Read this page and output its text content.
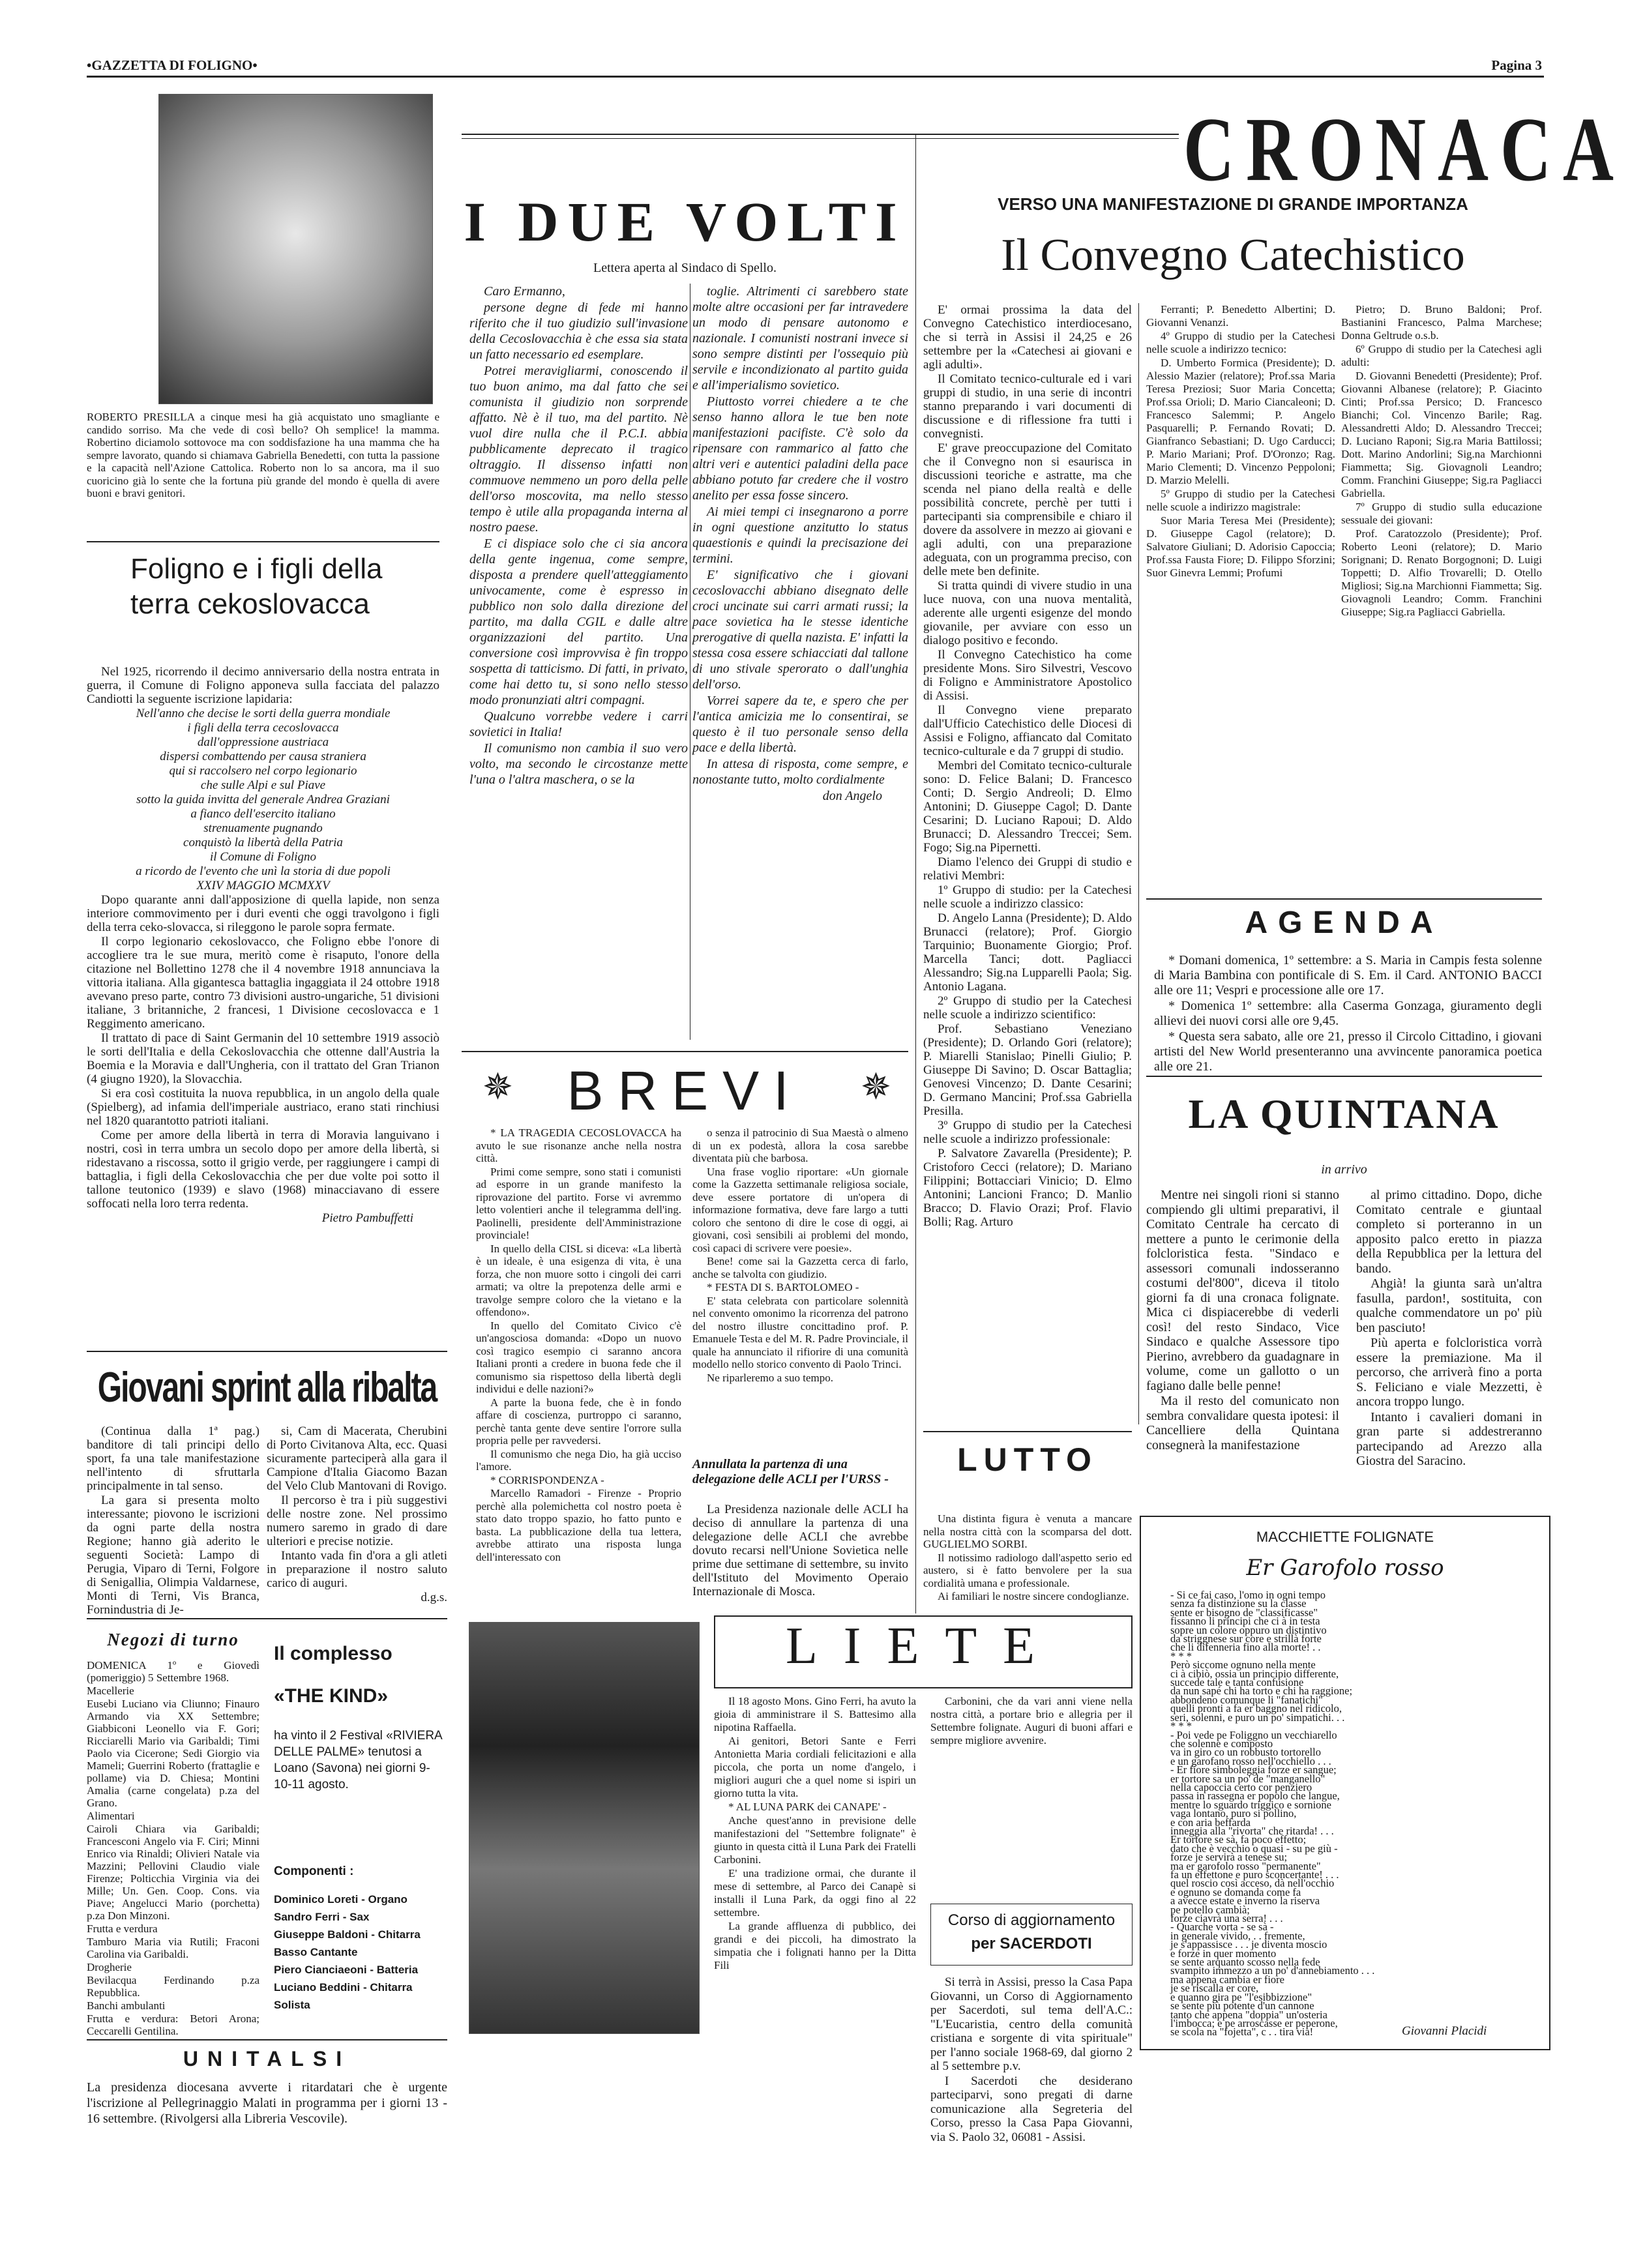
•GAZZETTA DI FOLIGNO•	Pagina 3
ROBERTO PRESILLA a cinque mesi ha già acquistato uno smagliante e candido sorriso. Ma che vede di così bello? Oh semplice! la mamma. Robertino diciamolo sottovoce ma con soddisfazione ha una mamma che ha sempre lavorato, quando si chiamava Gabriella Benedetti, con tutta la passione e la capacità nell'Azione Cattolica. Roberto non lo sa ancora, ma il suo cuoricino già lo sente che la fortuna più grande del mondo è quella di avere buoni e bravi genitori.
Foligno e i figli della terra cekoslovacca

Nel 1925, ricorrendo il decimo anniversario della nostra entrata in guerra, il Comune di Foligno apponeva sulla facciata del palazzo Candiotti la seguente iscrizione lapidaria:

Nell'anno che decise le sorti della guerra mondiale

i figli della terra cecoslovacca

dall'oppressione austriaca

dispersi combattendo per causa straniera

qui si raccolsero nel corpo legionario

che sulle Alpi e sul Piave

sotto la guida invitta del generale Andrea Graziani

a fianco dell'esercito italiano

strenuamente pugnando

conquistò la libertà della Patria

il Comune di Foligno

a ricordo de l'evento che unì la storia di due popoli

XXIV MAGGIO MCMXXV

Dopo quarante anni dall'apposizione di quella lapide, non senza interiore commovimento per i duri eventi che oggi travolgono i figli della terra ceko-slovacca, si rileggono le parole sopra fermate.

Il corpo legionario cekoslovacco, che Foligno ebbe l'onore di accogliere tra le sue mura, meritò come è risaputo, l'onore della citazione nel Bollettino 1278 che il 4 novembre 1918 annunciava la vittoria italiana. Alla gigantesca battaglia ingaggiata il 24 ottobre 1918 avevano preso parte, contro 73 divisioni austro-ungariche, 51 divisioni italiane, 3 britanniche, 2 francesi, 1 Divisione cecoslovacca e 1 Reggimento americano.

Il trattato di pace di Saint Germanin del 10 settembre 1919 associò le sorti dell'Italia e della Cekoslovacchia che ottenne dall'Austria la Boemia e la Moravia e dall'Ungheria, con il trattato del Gran Trianon (4 giugno 1920), la Slovacchia.

Si era così costituita la nuova repubblica, in un angolo della quale (Spielberg), ad infamia dell'imperiale austriaco, erano stati rinchiusi nel 1820 quarantotto patrioti italiani.

Come per amore della libertà in terra di Moravia languivano i nostri, così in terra umbra un secolo dopo per amore della libertà, si ridestavano a riscossa, sotto il grigio verde, per raggiungere i campi di battaglia, i figli della Cekoslovacchia che per due volte poi sotto il tallone teutonico (1939) e slavo (1968) minacciavano di essere soffocati nella loro terra redenta.

Pietro Pambuffetti
Giovani sprint alla ribalta

(Continua dalla 1ª pag.) banditore di tali principi dello sport, fa una tale manifestazione nell'intento di sfruttarla principalmente in tal senso.

La gara si presenta molto interessante; piovono le iscrizioni da ogni parte della nostra Regione; hanno già aderito le seguenti Società: Lampo di Perugia, Viparo di Terni, Folgore di Senigallia, Olimpia Valdarnese, Monti di Terni, Vis Branca, Fornindustria di Je-

si, Cam di Macerata, Cherubini di Porto Civitanova Alta, ecc. Quasi sicuramente parteciperà alla gara il Campione d'Italia Giacomo Bazan del Velo Club Mantovani di Rovigo.

Il percorso è tra i più suggestivi delle nostre zone. Nel prossimo numero saremo in grado di dare ulteriori e precise notizie.

Intanto vada fin d'ora a gli atleti in preparazione il nostro saluto carico di auguri.

d.g.s.
Negozi di turno

DOMENICA 1º e Giovedì (pomeriggio) 5 Settembre 1968.

Macellerie

Eusebi Luciano via Cliunno; Finauro Armando via XX Settembre; Giabbiconi Leonello via F. Gori; Ricciarelli Mario via Garibaldi; Timi Paolo via Cicerone; Sedi Giorgio via Mameli; Guerrini Roberto (frattaglie e pollame) via D. Chiesa; Montini Amalia (carne congelata) p.za del Grano.

Alimentari

Cairoli Chiara via Garibaldi; Francesconi Angelo via F. Ciri; Minni Enrico via Rinaldi; Olivieri Natale via Mazzini; Pellovini Claudio viale Firenze; Polticchia Virginia via dei Mille; Un. Gen. Coop. Cons. via Piave; Angelucci Mario (porchetta) p.za Don Minzoni.

Frutta e verdura

Tamburo Maria via Rutili; Fraconi Carolina via Garibaldi.

Drogherie

Bevilacqua Ferdinando p.za Repubblica.

Banchi ambulanti

Frutta e verdura: Betori Arona; Ceccarelli Gentilina.

Il complesso
«THE KIND»
ha vinto il 2 Festival «RIVIERA DELLE PALME» tenutosi a Loano (Savona) nei giorni 9-10-11 agosto.
Componenti :

Dominico Loreti - Organo

Sandro Ferri - Sax

Giuseppe Baldoni - Chitarra

Basso Cantante

Piero Cianciaeoni - Batteria

Luciano Beddini - Chitarra

Solista

UNITALSI
La presidenza diocesana avverte i ritardatari che è urgente l'iscrizione al Pellegrinaggio Malati in programma per i giorni 13 - 16 settembre. (Rivolgersi alla Libreria Vescovile).
I DUE VOLTI
Lettera aperta al Sindaco di Spello.

Caro Ermanno,

persone degne di fede mi hanno riferito che il tuo giudizio sull'invasione della Cecoslovacchia è che essa sia stata un fatto necessario ed esemplare.

Potrei meravigliarmi, conoscendo il tuo buon animo, ma dal fatto che sei comunista il giudizio non sorprende affatto. Nè è il tuo, ma del partito. Nè vuol dire nulla che il P.C.I. abbia pubblicamente deprecato il tragico oltraggio. Il dissenso infatti non commuove nemmeno un poro della pelle dell'orso moscovita, ma nello stesso tempo è utile alla propaganda interna al nostro paese.

E ci dispiace solo che ci sia ancora della gente ingenua, come sempre, disposta a prendere quell'atteggiamento univocamente, come è espresso in pubblico non solo dalla direzione del partito, ma dalla CGIL e dalle altre organizzazioni del partito. Una conversione così improvvisa è fin troppo sospetta di tatticismo. Di fatti, in privato, come hai detto tu, si sono nello stesso modo pronunziati altri compagni.

Qualcuno vorrebbe vedere i carri sovietici in Italia!

Il comunismo non cambia il suo vero volto, ma secondo le circostanze mette l'una o l'altra maschera, o se la

toglie. Altrimenti ci sarebbero state molte altre occasioni per far intravedere un modo di pensare autonomo e nazionale. I comunisti nostrani invece si sono sempre distinti per l'ossequio più servile e incondizionato al partito guida e all'imperialismo sovietico.

Piuttosto vorrei chiedere a te che senso hanno allora le tue ben note manifestazioni pacifiste. C'è solo da ripensare con rammarico al fatto che altri veri e autentici paladini della pace abbiano potuto far credere che il vostro anelito per essa fosse sincero.

Ai miei tempi ci insegnarono a porre in ogni questione anzitutto lo status quaestionis e quindi la precisazione dei termini.

E' significativo che i giovani cecoslovacchi abbiano disegnato delle croci uncinate sui carri armati russi; la pace sovietica ha le stesse identiche prerogative di quella nazista. E' infatti la stessa cosa essere schiacciati dal tallone di uno stivale sperorato o dall'unghia dell'orso.

Vorrei sapere da te, e spero che per l'antica amicizia me lo consentirai, se questo è il tuo personale senso della pace e della libertà.

In attesa di risposta, come sempre, e nonostante tutto, molto cordialmente

don Angelo
✵ BREVI	✵

* LA TRAGEDIA CECOSLOVACCA ha avuto le sue risonanze anche nella nostra città.

Primi come sempre, sono stati i comunisti ad esporre in un grande manifesto la riprovazione del partito. Forse vi avremmo letto volentieri anche il telegramma dell'ing. Paolinelli, presidente dell'Amministrazione provinciale!

In quello della CISL si diceva: «La libertà è un ideale, è una esigenza di vita, è una forza, che non muore sotto i cingoli dei carri armati; va oltre la prepotenza delle armi e travolge sempre coloro che la vietano e la offendono».

In quello del Comitato Civico c'è un'angosciosa domanda: «Dopo un nuovo così tragico esempio ci saranno ancora Italiani pronti a credere in buona fede che il comunismo sia rispettoso della libertà degli individui e delle nazioni?»

A parte la buona fede, che è in fondo affare di coscienza, purtroppo ci saranno, perchè tanta gente deve sentire l'orrore sulla propria pelle per ravvedersi.

Il comunismo che nega Dio, ha già ucciso l'amore.

* CORRISPONDENZA -

Marcello Ramadori - Firenze - Proprio perchè alla polemichetta col nostro poeta è stato dato troppo spazio, ho fatto punto e basta. La pubblicazione della tua lettera, avrebbe attirato una risposta lunga dell'interessato con

o senza il patrocinio di Sua Maestà o almeno di un ex podestà, allora la cosa sarebbe diventata più che barbosa.

Una frase voglio riportare: «Un giornale come la Gazzetta settimanale religiosa sociale, deve essere portatore di un'opera di informazione formativa, deve fare largo a tutti coloro che sentono di dire le cose di oggi, ai giovani, così sensibili ai problemi del mondo, così capaci di scrivere vere poesie».

Bene! come sai la Gazzetta cerca di farlo, anche se talvolta con giudizio.

* FESTA DI S. BARTOLOMEO -

E' stata celebrata con particolare solennità nel convento omonimo la ricorrenza del patrono del nostro illustre concittadino prof. P. Emanuele Testa e del M. R. Padre Provinciale, il quale ha annunciato il rifiorire di una comunità modello nello storico convento di Paolo Trinci.

Ne riparleremo a suo tempo.

Annullata la partenza di una delegazione delle ACLI per l'URSS -
La Presidenza nazionale delle ACLI ha deciso di annullare la partenza di una delegazione delle ACLI che avrebbe dovuto recarsi nell'Unione Sovietica nelle prime due settimane di settembre, su invito dell'Istituto del Movimento Operaio Internazionale di Mosca.
CRONACA
VERSO UNA MANIFESTAZIONE DI GRANDE IMPORTANZA
Il Convegno Catechistico

E' ormai prossima la data del Convegno Catechistico interdiocesano, che si terrà in Assisi il 24,25 e 26 settembre per la «Catechesi ai giovani e agli adulti».

Il Comitato tecnico-culturale ed i vari gruppi di studio, in una serie di incontri stanno preparando i vari documenti di discussione e di riflessione fra tutti i convegnisti.

E' grave preoccupazione del Comitato che il Convegno non si esaurisca in discussioni teoriche e astratte, ma che scenda nel piano della realtà e delle possibilità concrete, perchè per tutti i partecipanti sia comprensibile e chiaro il dovere da assolvere in mezzo ai giovani e agli adulti, con una preparazione adeguata, con un programma preciso, con delle mete ben definite.

Si tratta quindi di vivere studio in una luce nuova, con una nuova mentalità, aderente alle urgenti esigenze del mondo giovanile, per avviare con esso un dialogo positivo e fecondo.

Il Convegno Catechistico ha come presidente Mons. Siro Silvestri, Vescovo di Foligno e Amministratore Apostolico di Assisi.

Il Convegno viene preparato dall'Ufficio Catechistico delle Diocesi di Assisi e Foligno, affiancato dal Comitato tecnico-culturale e da 7 gruppi di studio.

Membri del Comitato tecnico-culturale sono: D. Felice Balani; D. Francesco Conti; D. Sergio Andreoli; D. Elmo Antonini; D. Giuseppe Cagol; D. Dante Cesarini; D. Luciano Rapoui; D. Aldo Brunacci; D. Alessandro Treccei; Sem. Fogo; Sig.na Pipernetti.

Diamo l'elenco dei Gruppi di studio e relativi Membri:

1º Gruppo di studio: per la Catechesi nelle scuole a indirizzo classico:

D. Angelo Lanna (Presidente); D. Aldo Brunacci (relatore); Prof. Giorgio Tarquinio; Buonamente Giorgio; Prof. Marcella Tanci; dott. Pagliacci Alessandro; Sig.na Lupparelli Paola; Sig. Antonio Lagana.

2º Gruppo di studio per la Catechesi nelle scuole a indirizzo scientifico:

Prof. Sebastiano Veneziano (Presidente); D. Orlando Gori (relatore); P. Miarelli Stanislao; Pinelli Giulio; P. Giuseppe Di Savino; D. Oscar Battaglia; Genovesi Vincenzo; D. Dante Cesarini; D. Germano Mancini; Prof.ssa Gabriella Presilla.

3º Gruppo di studio per la Catechesi nelle scuole a indirizzo professionale:

P. Salvatore Zavarella (Presidente); P. Cristoforo Cecci (relatore); D. Mariano Filippini; Bottacciari Vinicio; D. Elmo Antonini; Lancioni Franco; D. Manlio Bracco; D. Flavio Orazi; Prof. Flavio Bolli; Rag. Arturo

Ferranti; P. Benedetto Albertini; D. Giovanni Venanzi.

4º Gruppo di studio per la Catechesi nelle scuole a indirizzo tecnico:

D. Umberto Formica (Presidente); D. Alessio Mazier (relatore); Prof.ssa Maria Teresa Preziosi; Suor Maria Concetta; Prof.ssa Orioli; D. Mario Ciancaleoni; D. Francesco Salemmi; P. Angelo Pasquarelli; P. Fernando Rovati; D. Gianfranco Sebastiani; D. Ugo Carducci; P. Mario Mariani; Prof. D'Oronzo; Rag. Mario Clementi; D. Vincenzo Peppoloni; D. Marzio Melelli.

5º Gruppo di studio per la Catechesi nelle scuole a indirizzo magistrale:

Suor Maria Teresa Mei (Presidente); D. Giuseppe Cagol (relatore); D. Salvatore Giuliani; D. Adorisio Capoccia; Prof.ssa Fausta Fiore; D. Filippo Sforzini; Suor Ginevra Lemmi; Profumi

Pietro; D. Bruno Baldoni; Prof. Bastianini Francesco, Palma Marchese; Donna Geltrude o.s.b.

6º Gruppo di studio per la Catechesi agli adulti:

D. Giovanni Benedetti (Presidente); Prof. Giovanni Albanese (relatore); P. Giacinto Cinti; Prof.ssa Persico; D. Francesco Bianchi; Col. Vincenzo Barile; Rag. Alessandretti Aldo; D. Alessandro Treccei; D. Luciano Raponi; Sig.ra Maria Battilossi; Dott. Marino Andorlini; Sig.na Marchionni Fiammetta; Sig. Giovagnoli Leandro; Comm. Franchini Giuseppe; Sig.ra Pagliacci Gabriella.

7º Gruppo di studio sulla educazione sessuale dei giovani:

Prof. Caratozzolo (Presidente); Prof. Roberto Leoni (relatore); D. Mario Sorignani; D. Renato Borgognoni; D. Luigi Toppetti; D. Alfio Trovarelli; D. Otello Migliosi; Sig.na Marchionni Fiammetta; Sig. Giovagnoli Leandro; Comm. Franchini Giuseppe; Sig.ra Pagliacci Gabriella.

AGENDA

* Domani domenica, 1º settembre: a S. Maria in Campis festa solenne di Maria Bambina con pontificale di S. Em. il Card. ANTONIO BACCI alle ore 11; Vespri e processione alle ore 17.

* Domenica 1º settembre: alla Caserma Gonzaga, giuramento degli allievi dei nuovi corsi alle ore 9,45.

* Questa sera sabato, alle ore 21, presso il Circolo Cittadino, i giovani artisti del New World presenteranno una avvincente panoramica poetica alle ore 21.

LA QUINTANA
in arrivo

Mentre nei singoli rioni si stanno compiendo gli ultimi preparativi, il Comitato Centrale ha cercato di mettere a punto le cerimonie della folcloristica festa. "Sindaco e assessori comunali indosseranno costumi del'800", diceva il titolo giorni fa di una cronaca folignate. Mica ci dispiacerebbe di vederli così! del resto Sindaco, Vice Sindaco e qualche Assessore tipo Pierino, avrebbero da guadagnare in volume, come un gallotto o un fagiano dalle belle penne!

Ma il resto del comunicato non sembra convalidare questa ipotesi: il Cancelliere della Quintana consegnerà la manifestazione

al primo cittadino. Dopo, diche Comitato centrale e giuntaal completo si porteranno in un apposito palco eretto in piazza della Repubblica per la lettura del bando.

Ahgià! la giunta sarà un'altra fasulla, pardon!, sostituita, con qualche commendatore un po' più ben pasciuto!

Più aperta e folcloristica vorrà essere la premiazione. Ma il percorso, che arriverà fino a porta S. Feliciano e viale Mezzetti, è ancora troppo lungo.

Intanto i cavalieri domani in gran parte si addestreranno partecipando ad Arezzo alla Giostra del Saracino.

LUTTO

Una distinta figura è venuta a mancare nella nostra città con la scomparsa del dott. GUGLIELMO SORBI.

Il notissimo radiologo dall'aspetto serio ed austero, si è fatto benvolere per la sua cordialità umana e professionale.

Ai familiari le nostre sincere condoglianze.

MACCHIETTE FOLIGNATE
Er Garofolo rosso

- Si ce fai caso, l'omo in ogni tempo

senza fa distinzione su la classe

sente er bisogno de "classificasse"

fissanno li principi che ci à in testa

sopre un colore oppuro un distintivo

da striggnese sur core e strillà forte

che li difenneria fino alla morte! . .

* * *

Però siccome ognuno nella mente

ci à cibiò, ossia un principio differente,

succede tale e tanta confusione

da nun sapé chi ha torto e chi ha raggione;

abbondeno comunque li "fanatichi"

quelli pronti a fa er baggno nel ridicolo,

seri, solenni, e puro un po' simpatichi. . .

* * *

- Poi vede pe Foliggno un vecchiarello

che solenne e composto

va in giro co un robbusto tortorello

e un garofano rosso nell'occhiello . . .

- Er fiore simboleggia forze er sangue;

er tortore sa un po' de "manganello"

nella capoccia certo cor penziero

passa in rassegna er popolo che langue,

mentre lo sguardo triggico e sornione

vaga lontano, puro si pollino,

e con aria beffarda

inneggia alla "rivorta" che ritarda! . . .

Er tortore se sà, fa poco effetto;

dato che è vecchio o quasi - su pe giù -

forze je servirà a tenese su;

ma er garofolo rosso "permanente"

fa un effettone e puro sconcertante! . . .

quel roscio così acceso, dà nell'occhio

e ognuno se domanda come fa

a avecce estate e inverno la riserva

pe potello cambià;

forze ciavrà una serra! . . .

- Quarche vorta - se sà -

in generale vivido, . . fremente,

je s'appassisce . . . je diventa moscio

e forze in quer momento

se sente arquanto scosso nella fede

svampito immezzo a un po' d'annebiamento . . .

ma appena cambia er fiore

je se riscalla er core,

e quanno gira pe "l'esibbizzione"

se sente più potente d'un cannone

tanto che appena "doppia" un'osteria

l'imbocca; e pe arroscasse er peperone,

se scola na "fojetta", c . . tira via!	Giovanni Placidi
LIETE

Il 18 agosto Mons. Gino Ferri, ha avuto la gioia di amministrare il S. Battesimo alla nipotina Raffaella.

Ai genitori, Betori Sante e Ferri Antonietta Maria cordiali felicitazioni e alla piccola, che porta un nome d'angelo, i migliori auguri che a quel nome si ispiri un giorno tutta la vita.

* AL LUNA PARK dei CANAPE' -

Anche quest'anno in previsione delle manifestazioni del "Settembre folignate" è giunto in questa città il Luna Park dei Fratelli Carbonini.

E' una tradizione ormai, che durante il mese di settembre, al Parco dei Canapè si installi il Luna Park, da oggi fino al 22 settembre.

La grande affluenza di pubblico, dei grandi e dei piccoli, ha dimostrato la simpatia che i folignati hanno per la Ditta Fili

Carbonini, che da vari anni viene nella nostra città, a portare brio e allegria per il Settembre folignate. Auguri di buoni affari e sempre migliore avvenire.

Corso di aggiornamento
per SACERDOTI

Si terrà in Assisi, presso la Casa Papa Giovanni, un Corso di Aggiornamento per Sacerdoti, sul tema dell'A.C.: "L'Eucaristia, centro della comunità cristiana e sorgente di vita spirituale" per l'anno sociale 1968-69, dal giorno 2 al 5 settembre p.v.

I Sacerdoti che desiderano parteciparvi, sono pregati di darne comunicazione alla Segreteria del Corso, presso la Casa Papa Giovanni, via S. Paolo 32, 06081 - Assisi.
